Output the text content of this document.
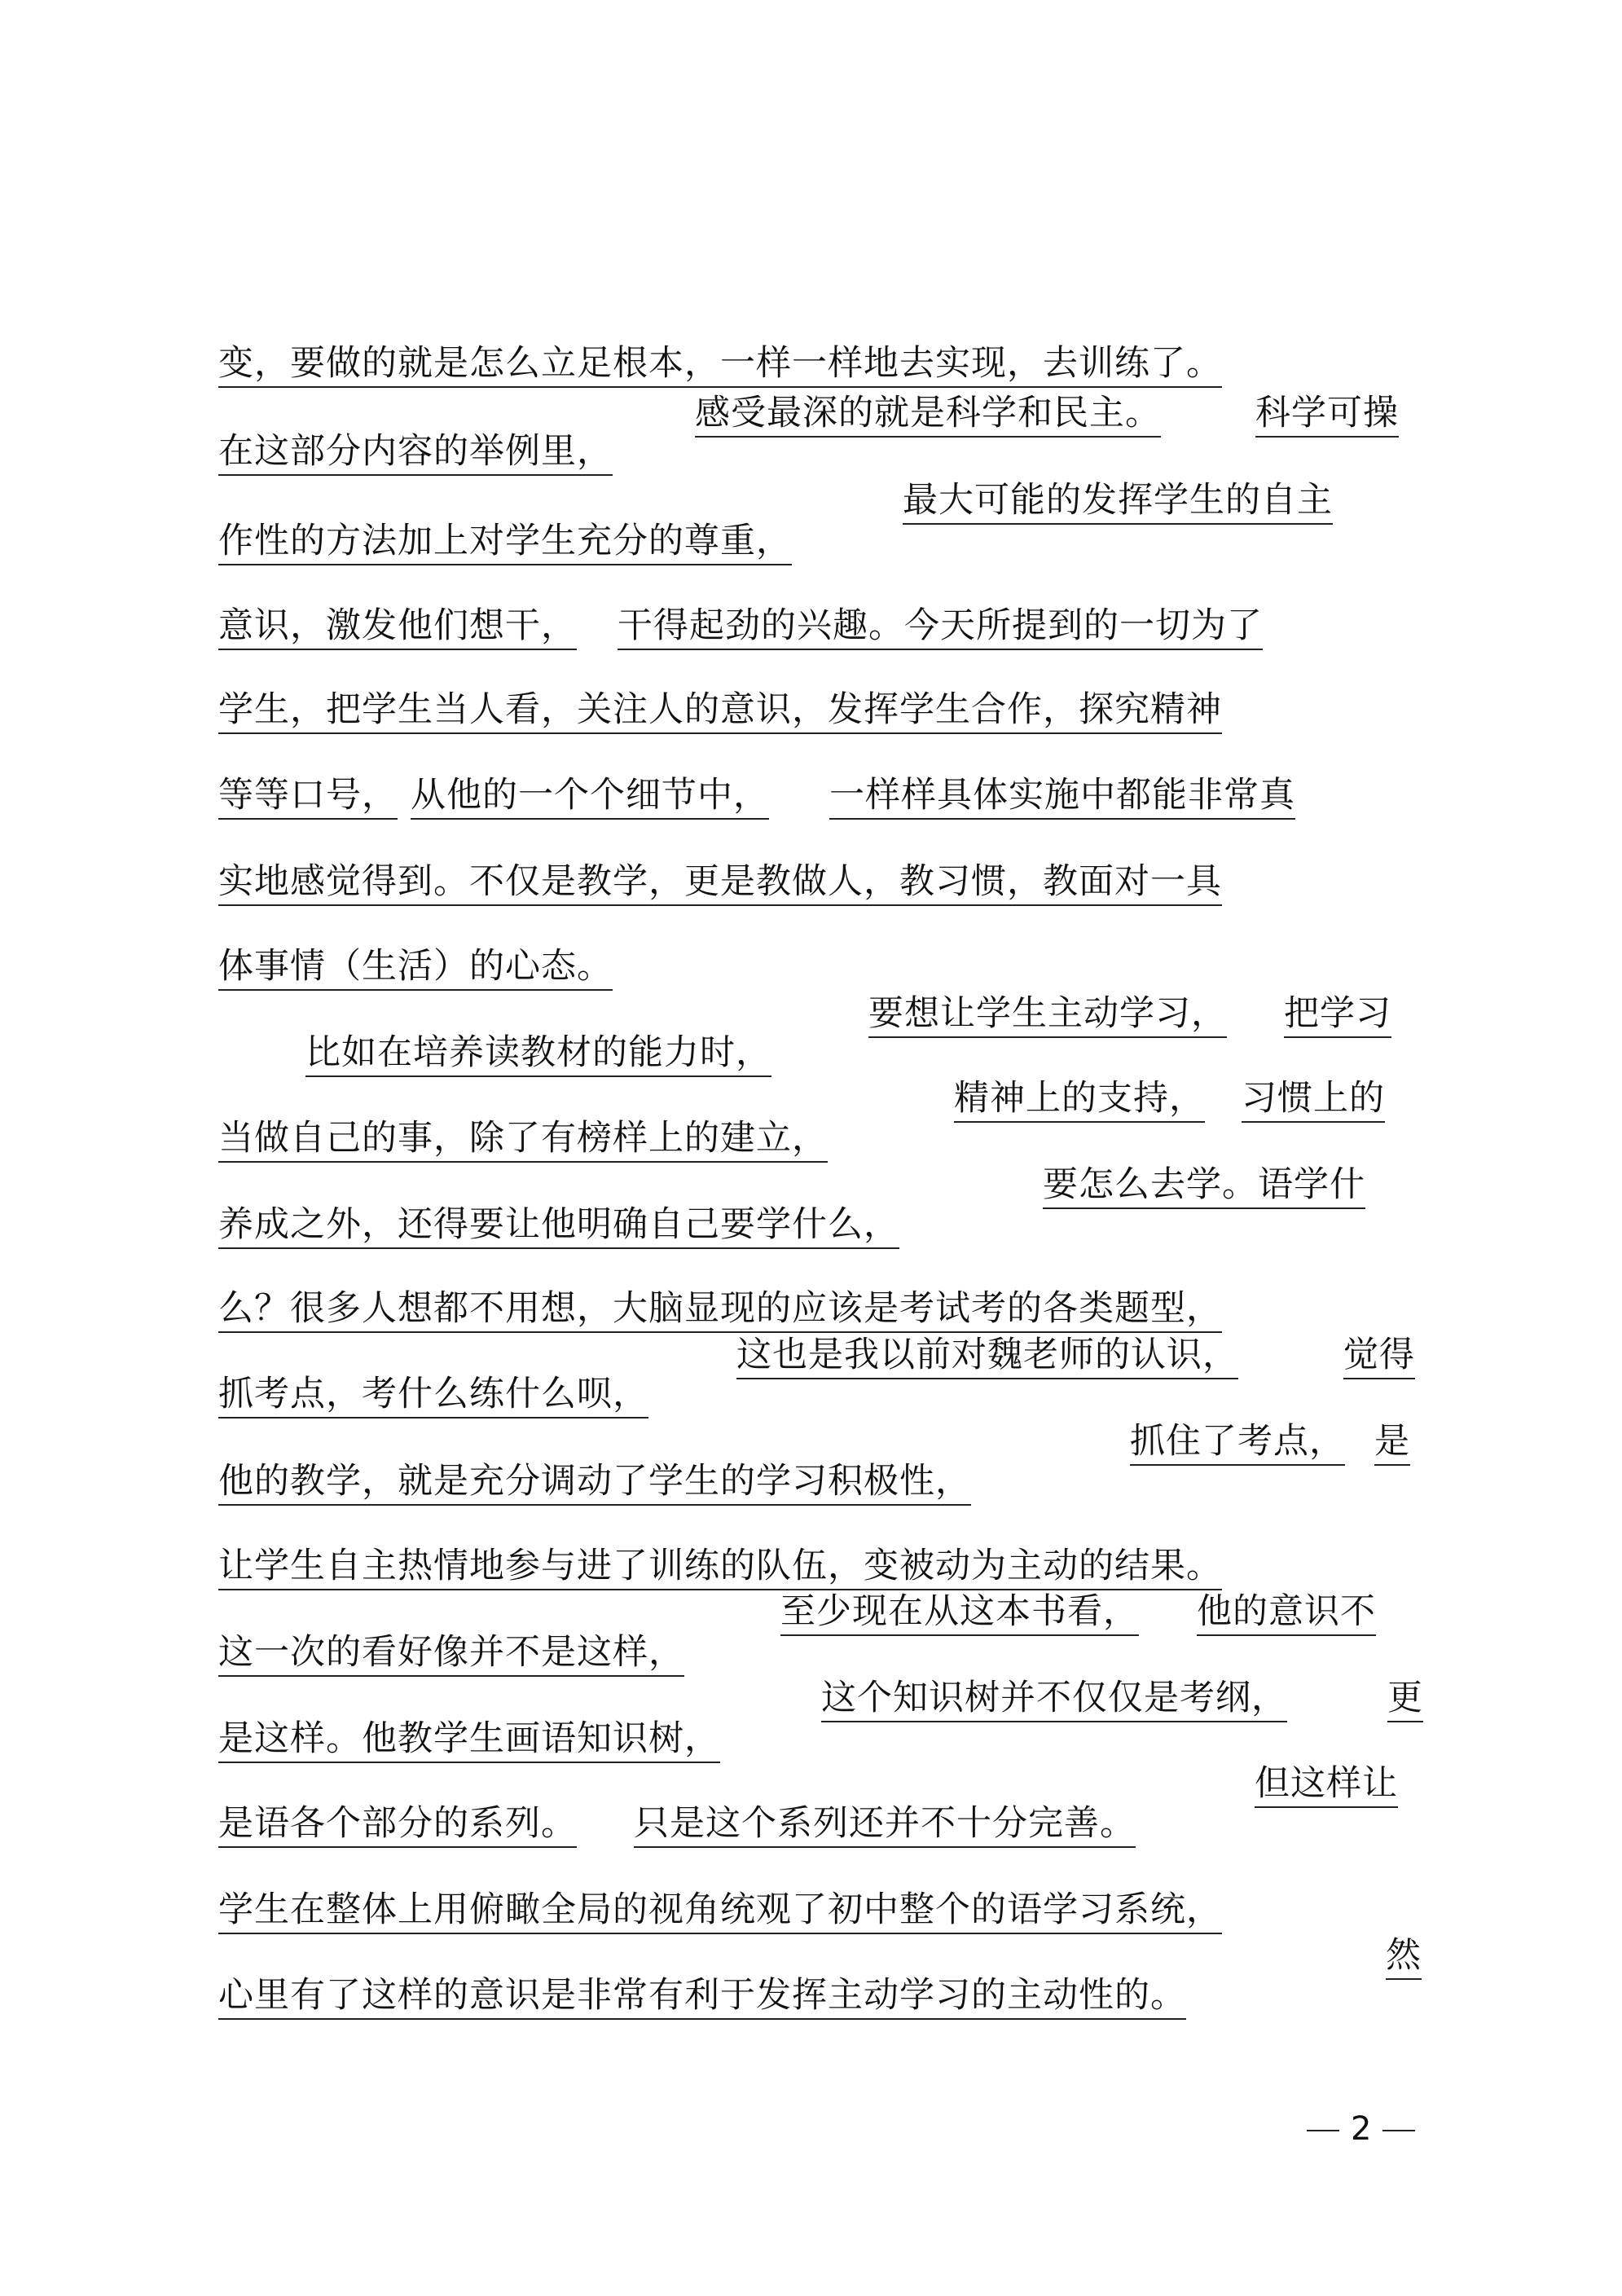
变，要做的就是怎么立足根本，一样一样地去实现，去训练了。
感受最深的就是科学和民主。	科学可操
在这部分内容的举例里，
最大可能的发挥学生的自主
作性的方法加上对学生充分的尊重，
意识，激发他们想干， 干得起劲的兴趣。今天所提到的一切为了
学生，把学生当人看，关注人的意识，发挥学生合作，探究精神
等等口号， 从他的一个个细节中， 一样样具体实施中都能非常真
实地感觉得到。不仅是教学，更是教做人，教习惯，教面对一具
体事情（生活）的心态。
要想让学生主动学习， 把学习
比如在培养读教材的能力时，
精神上的支持， 习惯上的
当做自己的事，除了有榜样上的建立，
要怎么去学。语学什
养成之外，还得要让他明确自己要学什么，
么？很多人想都不用想，大脑显现的应该是考试考的各类题型，
这也是我以前对魏老师的认识，	觉得
抓考点，考什么练什么呗，
抓住了考点， 是
他的教学，就是充分调动了学生的学习积极性，
让学生自主热情地参与进了训练的队伍，变被动为主动的结果。
至少现在从这本书看， 他的意识不
这一次的看好像并不是这样，
这个知识树并不仅仅是考纲，	更
是这样。他教学生画语知识树，
但这样让
是语各个部分的系列。 只是这个系列还并不十分完善。
学生在整体上用俯瞰全局的视角统观了初中整个的语学习系统，
然
心里有了这样的意识是非常有利于发挥主动学习的主动性的。
2
